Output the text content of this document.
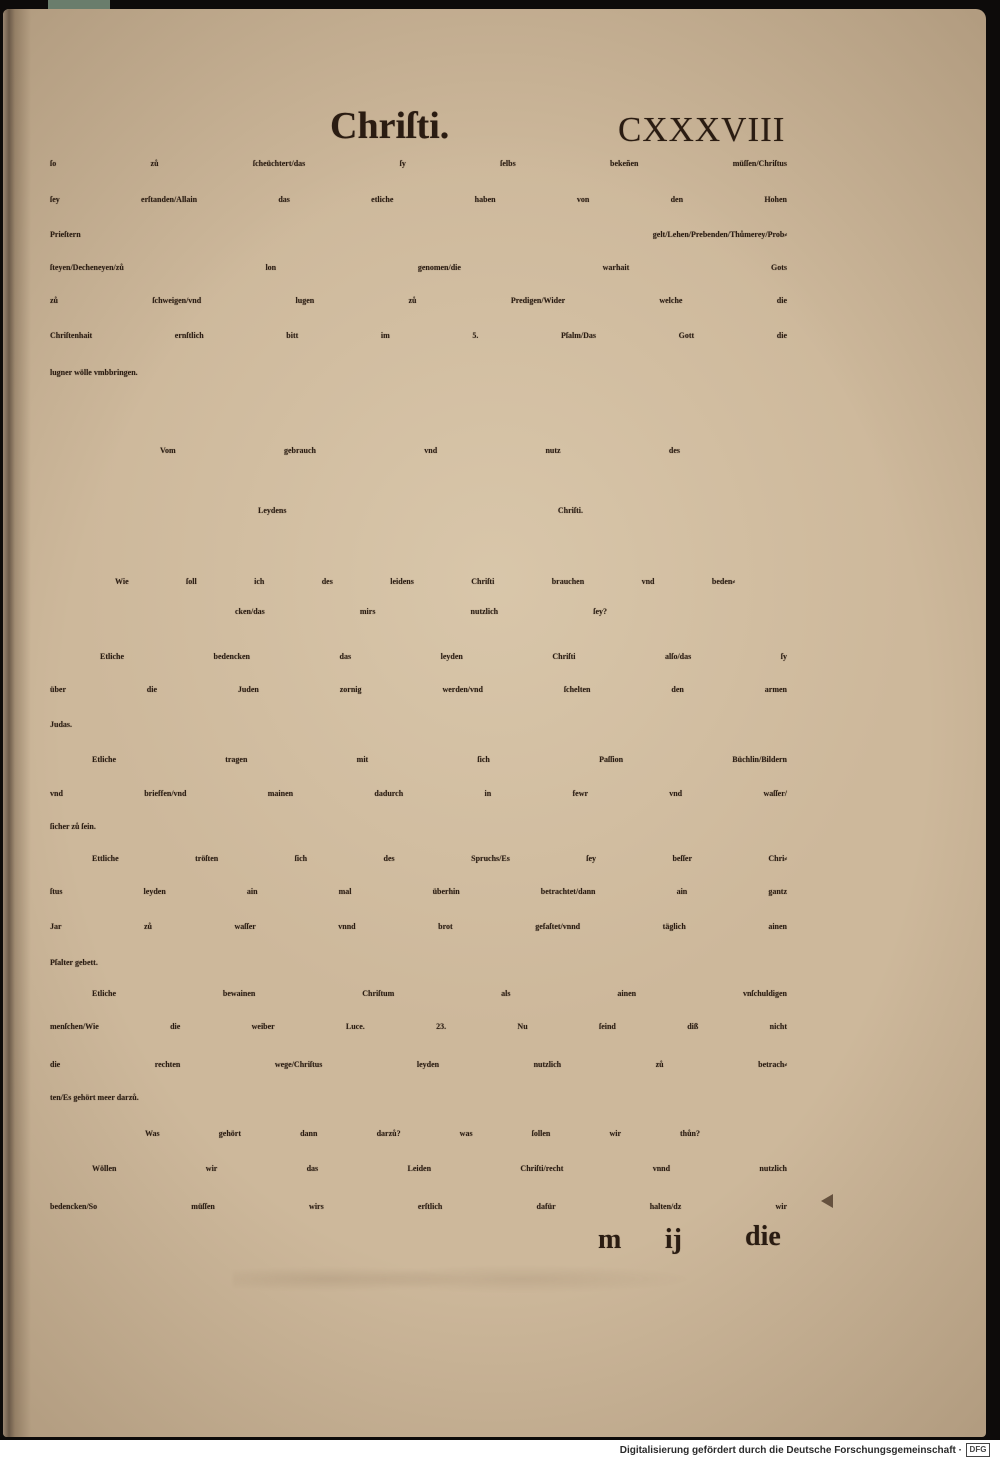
Chriſti.	CXXXVIII
ſo zů ſcheüchtert/das ſy ſelbs bekeñen müſſen/Chriſtus
ſey erſtanden/Allain das etliche haben von den Hohen
Prieſtern gelt/Lehen/Prebenden/Thůmerey/Prob⸗
ſteyen/Decheneyen/zů lon genomen/die warhait Gots
zů ſchweigen/vnd lugen zů Predigen/Wider welche die
Chriſtenhait ernſtlich bitt im 5. Pſalm/Das Gott die
lugner wölle vmbbringen.
Vom gebrauch vnd nutz des
Leydens Chriſti.
Wie ſoll ich des leidens Chriſti brauchen vnd beden⸗
cken/das mirs nutzlich ſey?
Etliche bedencken das leyden Chriſti alſo/das ſy
über die Juden zornig werden/vnd ſchelten den armen
Judas.
Etliche tragen mit ſich Paſſion Büchlin/Bildern
vnd brieffen/vnd mainen dadurch in fewr vnd waſſer/
ſicher zů ſein.
Ettliche tröſten ſich des Spruchs/Es ſey beſſer Chri⸗
ſtus leyden ain mal überhin betrachtet/dann ain gantz
Jar zů waſſer vnnd brot gefaſtet/vnnd täglich ainen
Pſalter gebett.
Etliche bewainen Chriſtum als ainen vnſchuldigen
menſchen/Wie die weiber Luce. 23. Nu ſeind diß nicht
die rechten wege/Chriſtus leyden nutzlich zů betrach⸗
ten/Es gehört meer darzů.
Was gehört dann darzů? was ſollen wir thůn?
Wöllen wir das Leiden Chriſti/recht vnnd nutzlich
bedencken/So müſſen wirs erſtlich dafür halten/dz wir
m ij die
Digitalisierung gefördert durch die Deutsche Forschungsgemeinschaft · DFG
